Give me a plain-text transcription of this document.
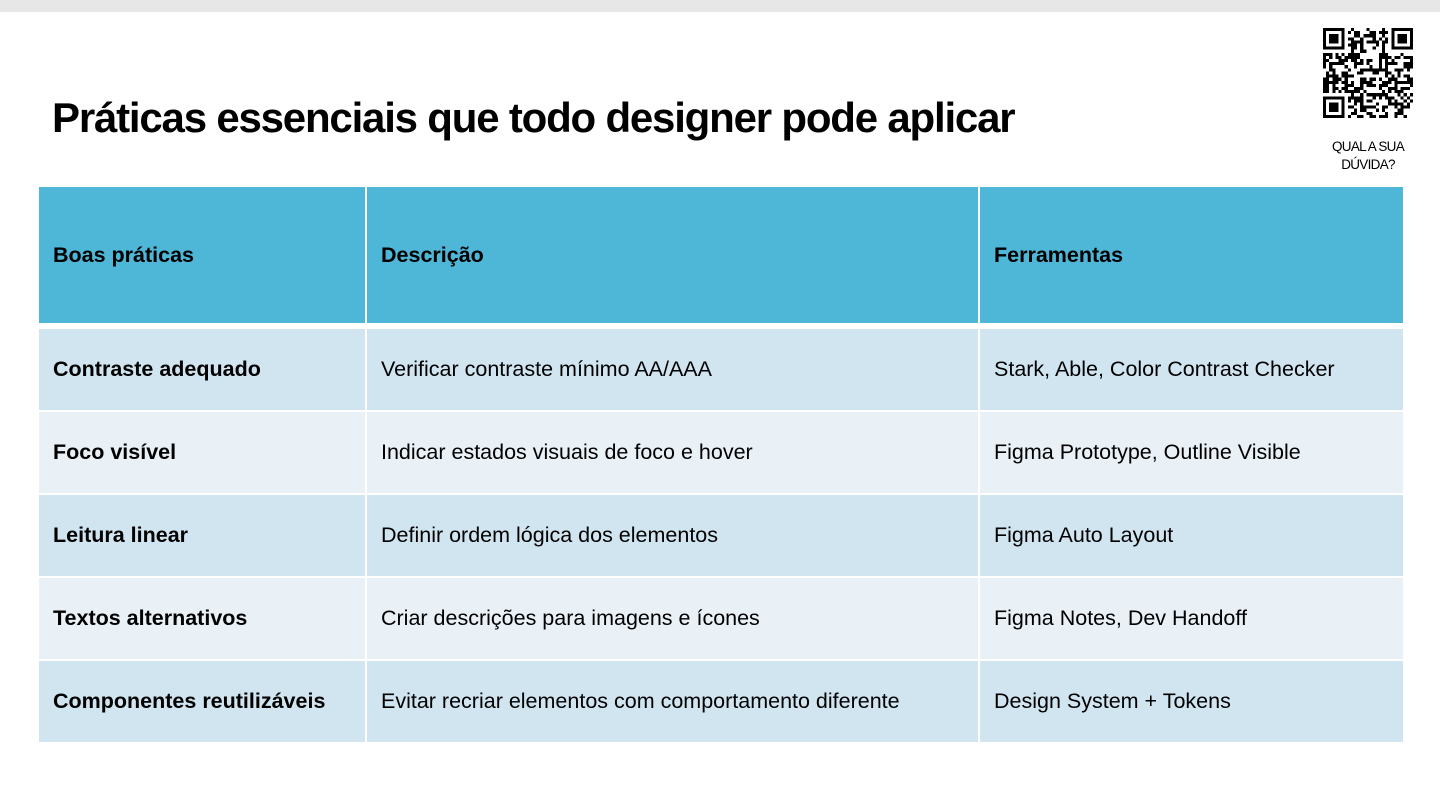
Práticas essenciais que todo designer pode aplicar
QUAL A SUA
DÚVIDA?
Boas práticas	Descrição	Ferramentas
Contraste adequado	Verificar contraste mínimo AA/AAA	Stark, Able, Color Contrast Checker
Foco visível	Indicar estados visuais de foco e hover	Figma Prototype, Outline Visible
Leitura linear	Definir ordem lógica dos elementos	Figma Auto Layout
Textos alternativos	Criar descrições para imagens e ícones	Figma Notes, Dev Handoff
Componentes reutilizáveis	Evitar recriar elementos com comportamento diferente	Design System + Tokens
